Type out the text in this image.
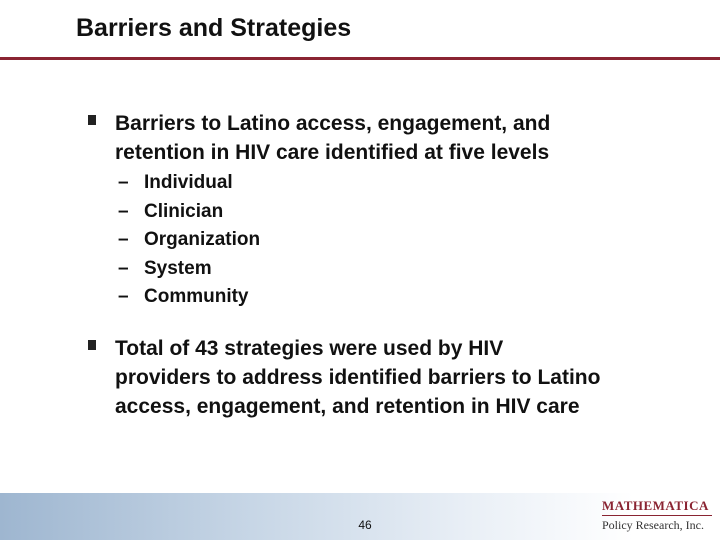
Barriers and Strategies
Barriers to Latino access, engagement, and
retention in HIV care identified at five levels
– Individual
– Clinician
– Organization
– System
– Community
Total of 43 strategies were used by HIV
providers to address identified barriers to Latino
access, engagement, and retention in HIV care
46
MATHEMATICA
Policy Research, Inc.
